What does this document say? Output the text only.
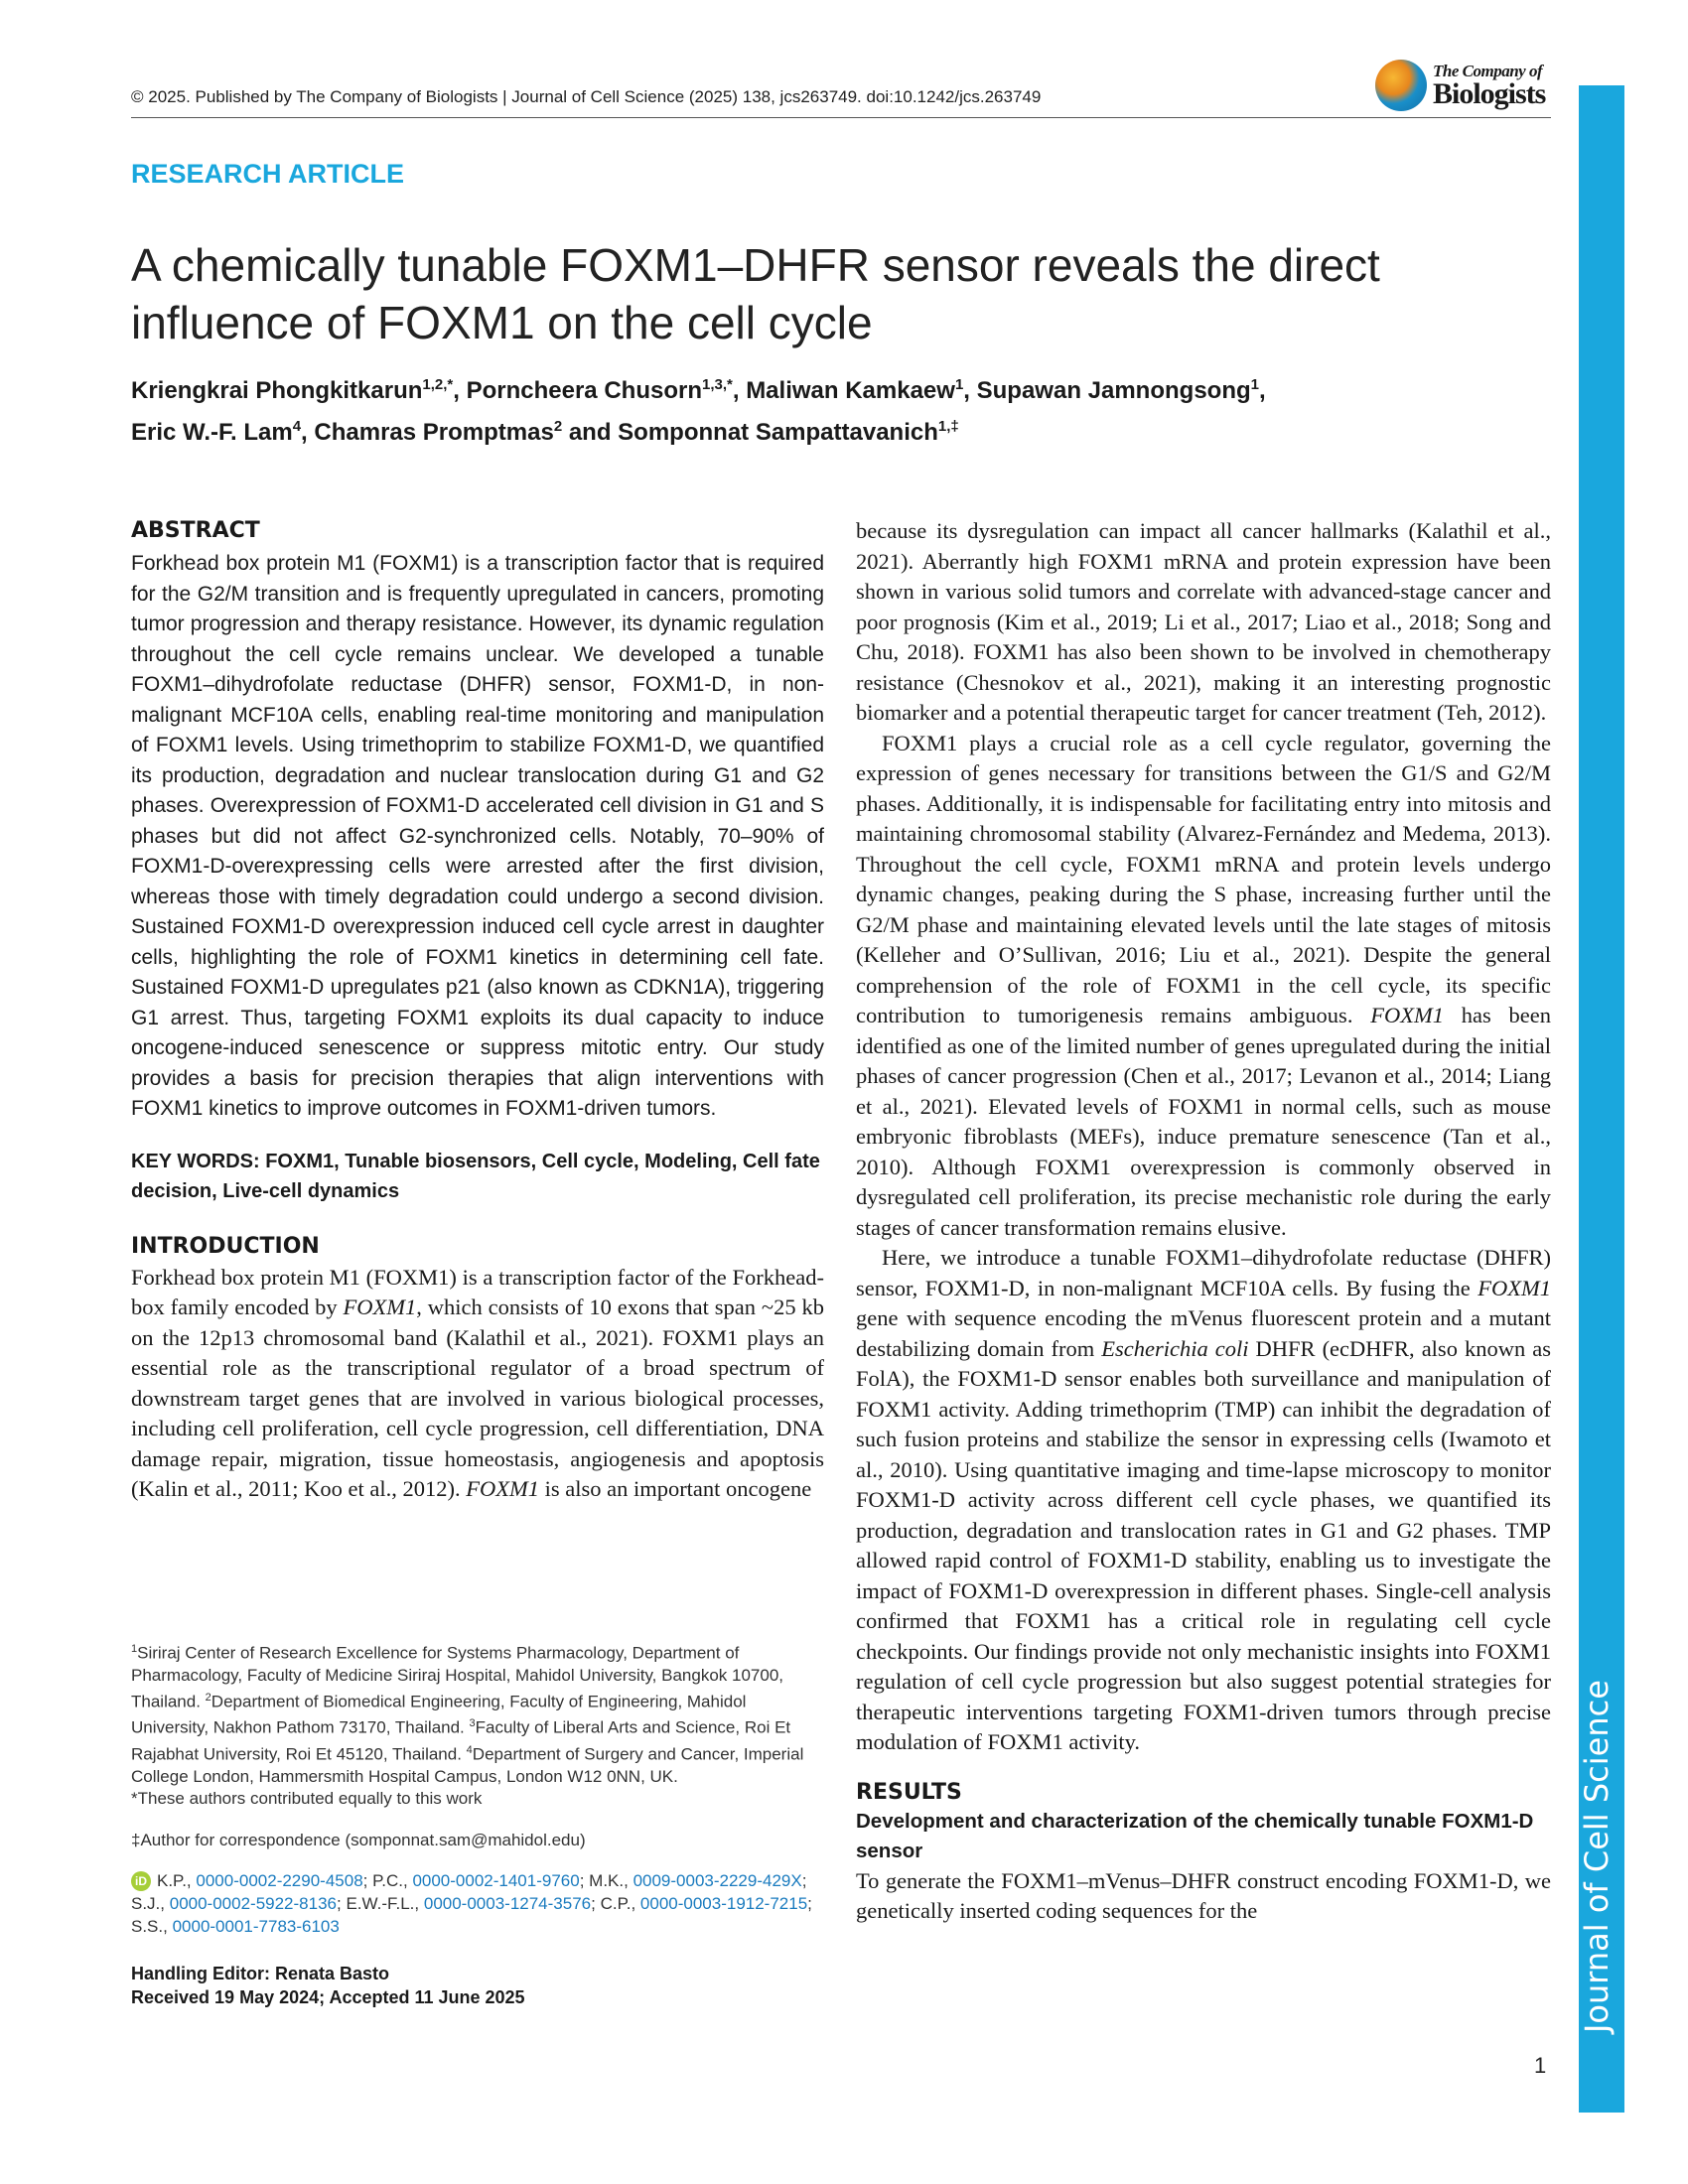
© 2025. Published by The Company of Biologists | Journal of Cell Science (2025) 138, jcs263749. doi:10.1242/jcs.263749
The Company of
Biologists
Journal of Cell Science
RESEARCH ARTICLE
A chemically tunable FOXM1–DHFR sensor reveals the direct influence of FOXM1 on the cell cycle
Kriengkrai Phongkitkarun$^{1,2,*}$, Porncheera Chusorn$^{1,3,*}$, Maliwan Kamkaew$^1$, Supawan Jamnongsong$^1$,
Eric W.-F. Lam$^4$, Chamras Promptmas$^2$ and Somponnat Sampattavanich$^{1,\ddagger}$
ABSTRACT
Forkhead box protein M1 (FOXM1) is a transcription factor that is required for the G2/M transition and is frequently upregulated in cancers, promoting tumor progression and therapy resistance. However, its dynamic regulation throughout the cell cycle remains unclear. We developed a tunable FOXM1–dihydrofolate reductase (DHFR) sensor, FOXM1-D, in non-malignant MCF10A cells, enabling real-time monitoring and manipulation of FOXM1 levels. Using trimethoprim to stabilize FOXM1-D, we quantified its production, degradation and nuclear translocation during G1 and G2 phases. Overexpression of FOXM1-D accelerated cell division in G1 and S phases but did not affect G2-synchronized cells. Notably, 70–90% of FOXM1-D-overexpressing cells were arrested after the first division, whereas those with timely degradation could undergo a second division. Sustained FOXM1-D overexpression induced cell cycle arrest in daughter cells, highlighting the role of FOXM1 kinetics in determining cell fate. Sustained FOXM1-D upregulates p21 (also known as CDKN1A), triggering G1 arrest. Thus, targeting FOXM1 exploits its dual capacity to induce oncogene-induced senescence or suppress mitotic entry. Our study provides a basis for precision therapies that align interventions with FOXM1 kinetics to improve outcomes in FOXM1-driven tumors.
KEY WORDS: FOXM1, Tunable biosensors, Cell cycle, Modeling, Cell fate decision, Live-cell dynamics
INTRODUCTION

Forkhead box protein M1 (FOXM1) is a transcription factor of the Forkhead-box family encoded by FOXM1, which consists of 10 exons that span ~25 kb on the 12p13 chromosomal band (Kalathil et al., 2021). FOXM1 plays an essential role as the transcriptional regulator of a broad spectrum of downstream target genes that are involved in various biological processes, including cell proliferation, cell cycle progression, cell differentiation, DNA damage repair, migration, tissue homeostasis, angiogenesis and apoptosis (Kalin et al., 2011; Koo et al., 2012). FOXM1 is also an important oncogene

$^1$Siriraj Center of Research Excellence for Systems Pharmacology, Department of Pharmacology, Faculty of Medicine Siriraj Hospital, Mahidol University, Bangkok 10700, Thailand. $^2$Department of Biomedical Engineering, Faculty of Engineering, Mahidol University, Nakhon Pathom 73170, Thailand. $^3$Faculty of Liberal Arts and Science, Roi Et Rajabhat University, Roi Et 45120, Thailand. $^4$Department of Surgery and Cancer, Imperial College London, Hammersmith Hospital Campus, London W12 0NN, UK.
*These authors contributed equally to this work
‡Author for correspondence (somponnat.sam@mahidol.edu)
iD K.P., 0000-0002-2290-4508; P.C., 0000-0002-1401-9760; M.K., 0009-0003-2229-429X; S.J., 0000-0002-5922-8136; E.W.-F.L., 0000-0003-1274-3576; C.P., 0000-0003-1912-7215; S.S., 0000-0001-7783-6103
Handling Editor: Renata Basto
Received 19 May 2024; Accepted 11 June 2025

because its dysregulation can impact all cancer hallmarks (Kalathil et al., 2021). Aberrantly high FOXM1 mRNA and protein expression have been shown in various solid tumors and correlate with advanced-stage cancer and poor prognosis (Kim et al., 2019; Li et al., 2017; Liao et al., 2018; Song and Chu, 2018). FOXM1 has also been shown to be involved in chemotherapy resistance (Chesnokov et al., 2021), making it an interesting prognostic biomarker and a potential therapeutic target for cancer treatment (Teh, 2012).

FOXM1 plays a crucial role as a cell cycle regulator, governing the expression of genes necessary for transitions between the G1/S and G2/M phases. Additionally, it is indispensable for facilitating entry into mitosis and maintaining chromosomal stability (Alvarez-Fernández and Medema, 2013). Throughout the cell cycle, FOXM1 mRNA and protein levels undergo dynamic changes, peaking during the S phase, increasing further until the G2/M phase and maintaining elevated levels until the late stages of mitosis (Kelleher and O’Sullivan, 2016; Liu et al., 2021). Despite the general comprehension of the role of FOXM1 in the cell cycle, its specific contribution to tumorigenesis remains ambiguous. FOXM1 has been identified as one of the limited number of genes upregulated during the initial phases of cancer progression (Chen et al., 2017; Levanon et al., 2014; Liang et al., 2021). Elevated levels of FOXM1 in normal cells, such as mouse embryonic fibroblasts (MEFs), induce premature senescence (Tan et al., 2010). Although FOXM1 overexpression is commonly observed in dysregulated cell proliferation, its precise mechanistic role during the early stages of cancer transformation remains elusive.

Here, we introduce a tunable FOXM1–dihydrofolate reductase (DHFR) sensor, FOXM1-D, in non-malignant MCF10A cells. By fusing the FOXM1 gene with sequence encoding the mVenus fluorescent protein and a mutant destabilizing domain from Escherichia coli DHFR (ecDHFR, also known as FolA), the FOXM1-D sensor enables both surveillance and manipulation of FOXM1 activity. Adding trimethoprim (TMP) can inhibit the degradation of such fusion proteins and stabilize the sensor in expressing cells (Iwamoto et al., 2010). Using quantitative imaging and time-lapse microscopy to monitor FOXM1-D activity across different cell cycle phases, we quantified its production, degradation and translocation rates in G1 and G2 phases. TMP allowed rapid control of FOXM1-D stability, enabling us to investigate the impact of FOXM1-D overexpression in different phases. Single-cell analysis confirmed that FOXM1 has a critical role in regulating cell cycle checkpoints. Our findings provide not only mechanistic insights into FOXM1 regulation of cell cycle progression but also suggest potential strategies for therapeutic interventions targeting FOXM1-driven tumors through precise modulation of FOXM1 activity.

RESULTS
Development and characterization of the chemically tunable FOXM1-D sensor
To generate the FOXM1–mVenus–DHFR construct encoding FOXM1-D, we genetically inserted coding sequences for the
1
